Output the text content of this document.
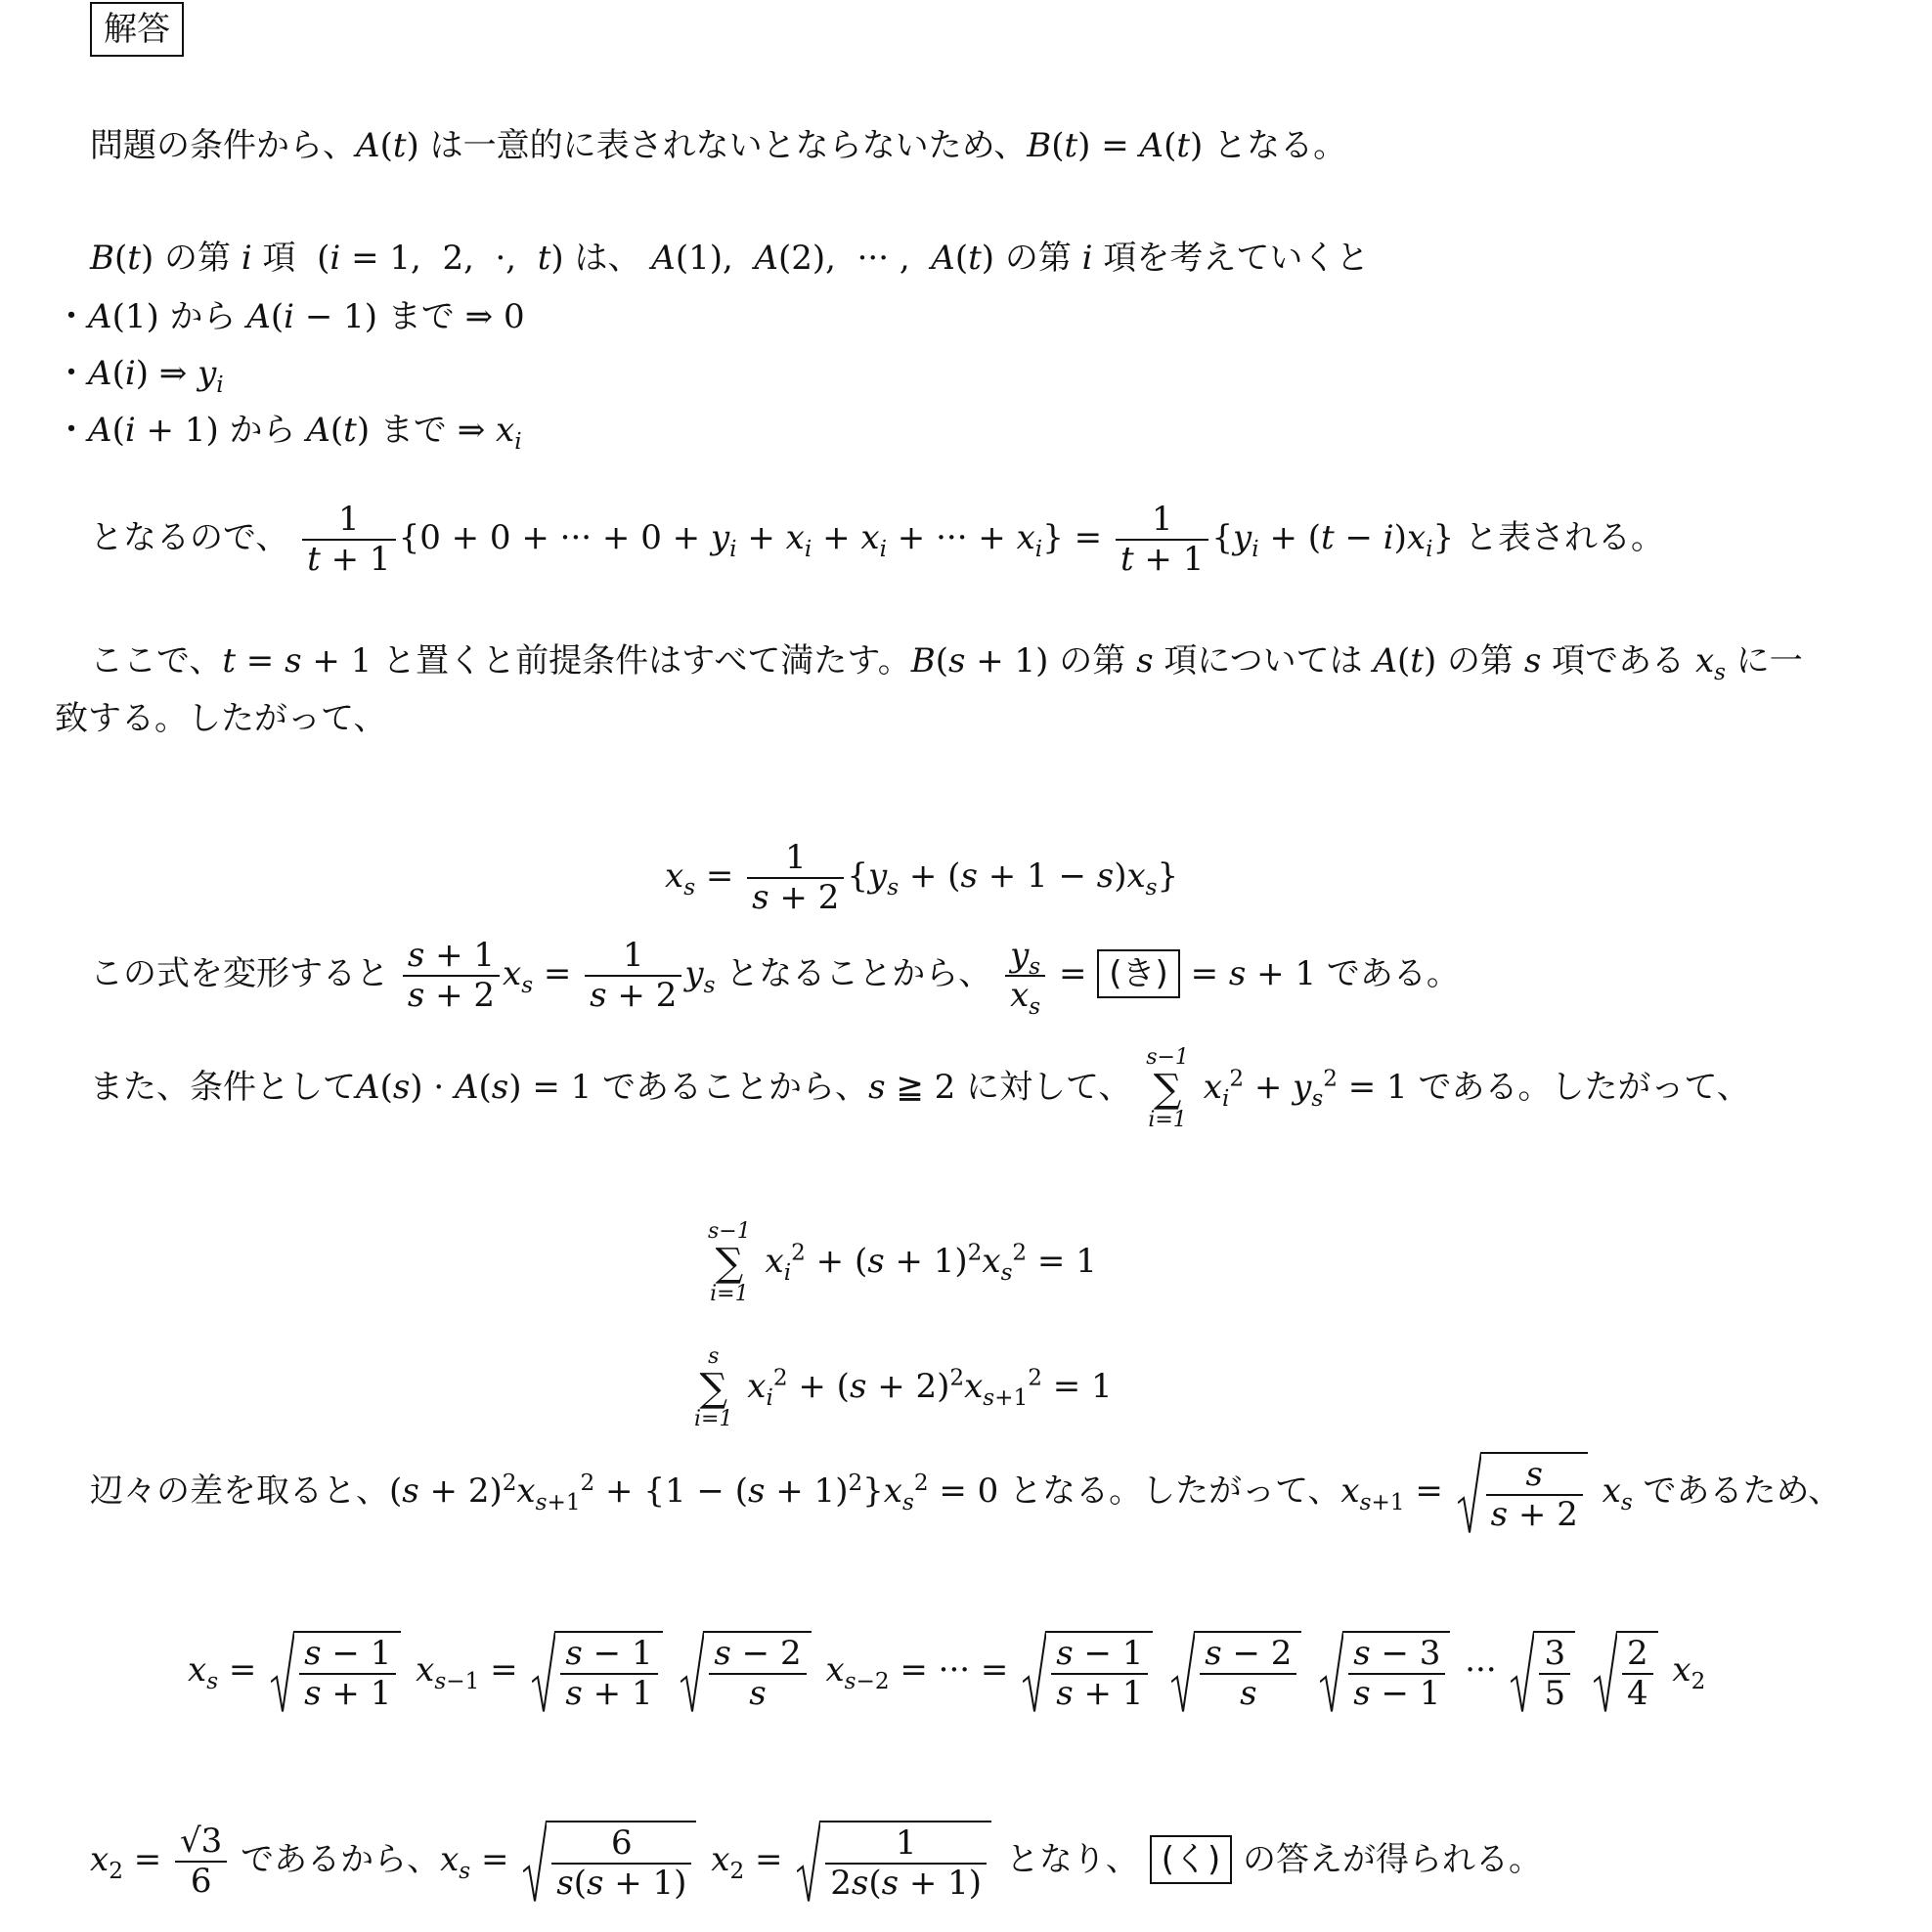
解答
問題の条件から、A(t) は一意的に表されないとならないため、B(t) = A(t) となる。
B(t) の第 i 項  (i = 1,  2,  ·,  t) は、 A(1),  A(2),  ··· ,  A(t) の第 i 項を考えていくと
・A(1) から A(i − 1) まで ⇒ 0
・A(i) ⇒ $y_i$
・A(i + 1) から A(t) まで ⇒ $x_i$
となるので、 $\frac{1}{t + 1} \{0 + 0$ + ··· + $0 + y_i + x_i + x_i$ + ··· + $x_i\} = \frac{1}{t + 1} \{y_i + (t - i)x_i\}$ と表される。
ここで、t = s + 1 と置くと前提条件はすべて満たす。B(s + 1) の第 s 項については A(t) の第 s 項である $x_s$ に一
致する。したがって、
$x_s = \frac{1}{s + 2} \{y_s + (s + 1 - s)x_s\}$
この式を変形すると $\frac{s + 1}{s + 2} x_s = \frac{1}{s + 2} y_s$ となることから、 $\frac{y_s}{x_s}$ = (き) = s + 1 である。
また、条件としてA(s) · A(s) = 1 であることから、s ≧ 2 に対して、
s−1
∑
i=1
$x_i^2 + y_s^2 = 1$ である。したがって、
s−1
∑
i=1
$x_i^2 + (s + 1)^2x_s^2 = 1$
s
∑
i=1
$x_i^2 + (s + 2)^2x_{s+1}^2 = 1$
辺々の差を取ると、$(s + 2)^2x_{s+1}^2 + \{1 - (s + 1)^2\}x_s^2 = 0$ となる。したがって、$x_{s+1} = \frac{s}{s + 2} x_s$ であるため、
$x_s = \frac{s - 1}{s + 1} x_{s-1} = \frac{s - 1}{s + 1}$
$\frac{s - 2}{s} x_{s-2}$ = ··· = $\frac{s - 1}{s + 1}$
$\frac{s - 2}{s}$
$\frac{s - 3}{s - 1}$ ··· $\frac{3}{5}$
$\frac{2}{4} x_2$
$x_2 = \frac{√3}{6}$ であるから、$x_s = \frac{6}{s(s + 1)} x_2 = \frac{1}{2s(s + 1)}$ となり、 (く) の答えが得られる。
